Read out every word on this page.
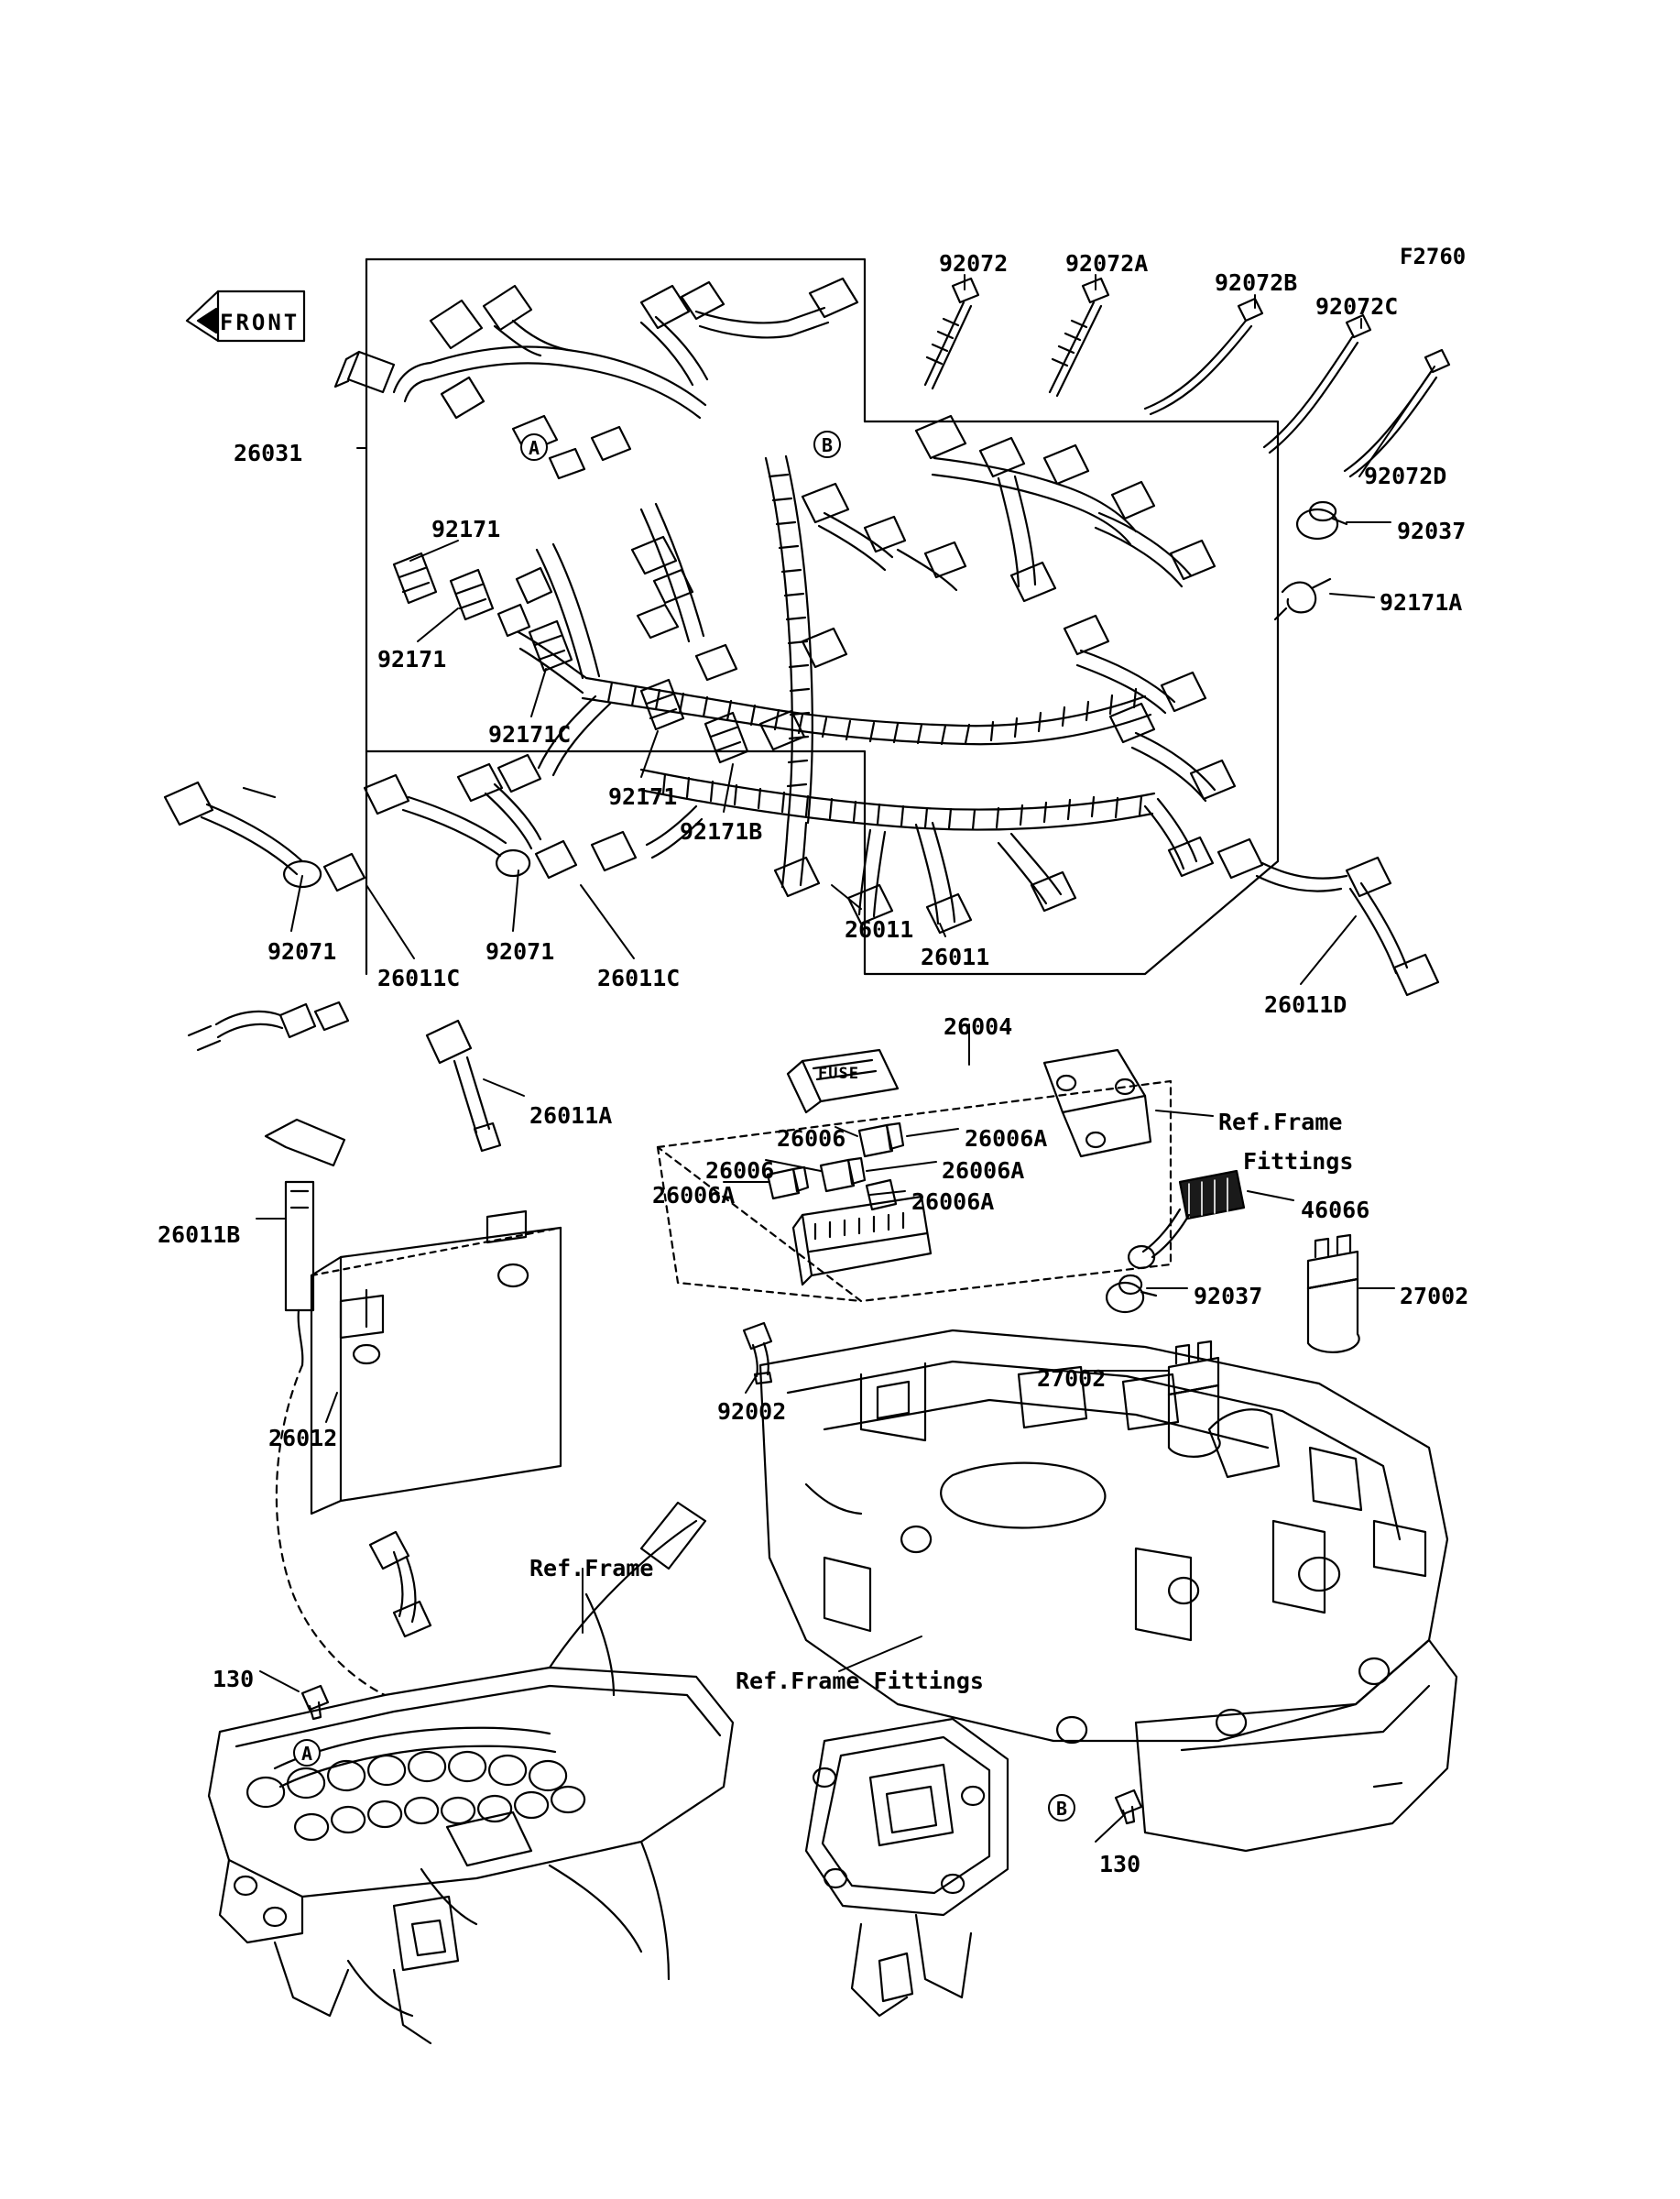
FRONT
F2760
FUSE
26031
92072	92072A
92072B
92072C
92072D
92037
92171A
92171
92171
92171C
92171
92171B
92071
26011C
92071
26011C
26011
26011
26011D
26011A
26011B
26012
26004
26006
26006
26006A
26006A
26006A
26006A
Ref.Frame
Fittings
46066
92037	27002
27002
92002
Ref.Frame
Ref.Frame Fittings
130
130
A	B
A
B
